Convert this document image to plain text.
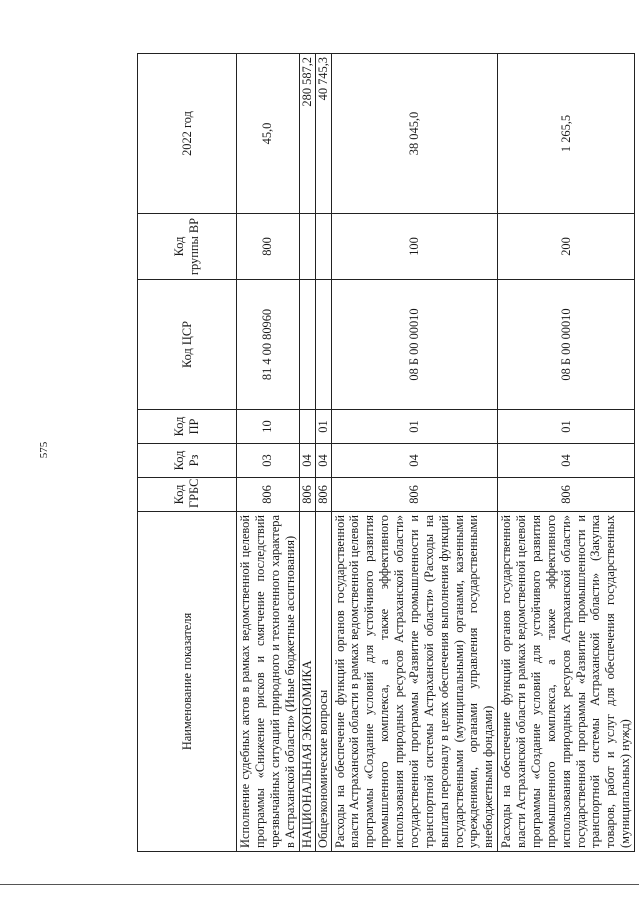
575
Наименование показателя	Код ГРБС	Код Рз	Код ПР	Код ЦСР	Код группы ВР	2022 год
Исполнение судебных актов в рамках ведомственной целевой программы «Снижение рисков и смягчение последствий чрезвычайных ситуаций природного и техногенного характера в Астраханской области» (Иные бюджетные ассигнования)	806	03	10	81 4 00 80960	800	45,0
НАЦИОНАЛЬНАЯ ЭКОНОМИКА	806	04				280 587,2
Общеэкономические вопросы	806	04	01			40 745,3
Расходы на обеспечение функций органов государственной власти Астраханской области в рамках ведомственной целевой программы «Создание условий для устойчивого развития промышленного комплекса, а также эффективного использования природных ресурсов Астраханской области» государственной программы «Развитие промышленности и транспортной системы Астраханской области» (Расходы на выплаты персоналу в целях обеспечения выполнения функций государственными (муниципальными) органами, казенными учреждениями, органами управления государственными внебюджетными фондами)	806	04	01	08 Б 00 00010	100	38 045,0
Расходы на обеспечение функций органов государственной власти Астраханской области в рамках ведомственной целевой программы «Создание условий для устойчивого развития промышленного комплекса, а также эффективного использования природных ресурсов Астраханской области» государственной программы «Развитие промышленности и транспортной системы Астраханской области» (Закупка товаров, работ и услуг для обеспечения государственных (муниципальных) нужд)	806	04	01	08 Б 00 00010	200	1 265,5
